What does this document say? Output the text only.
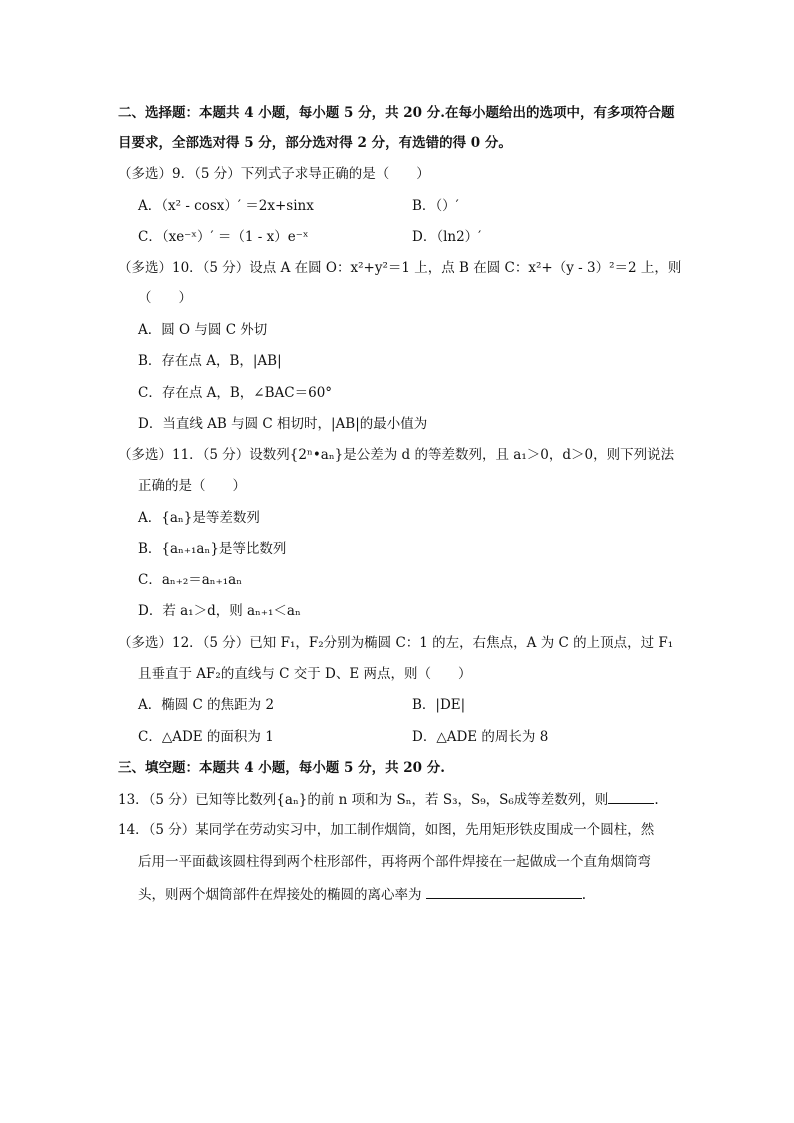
二、选择题：本题共 4 小题，每小题 5 分，共 20 分.在每小题给出的选项中，有多项符合题
目要求，全部选对得 5 分，部分选对得 2 分，有选错的得 0 分。
（多选）9．（5 分）下列式子求导正确的是（　　）
A．（x² - cosx）′ ＝2x+sinx	B．（）′
C．（xe⁻ˣ）′ ＝（1 - x）e⁻ˣ	D．（ln2）′
（多选）10．（5 分）设点 A 在圆 O：x²+y²＝1 上，点 B 在圆 C：x²+（y - 3）²＝2 上，则
（　　）
A．圆 O 与圆 C 外切
B．存在点 A，B，|AB|
C．存在点 A，B，∠BAC＝60°
D．当直线 AB 与圆 C 相切时，|AB|的最小值为
（多选）11．（5 分）设数列{2ⁿ•aₙ}是公差为 d 的等差数列，且 a₁＞0，d＞0，则下列说法
正确的是（　　）
A．{aₙ}是等差数列
B．{aₙ₊₁aₙ}是等比数列
C．aₙ₊₂＝aₙ₊₁aₙ
D．若 a₁＞d，则 aₙ₊₁＜aₙ
（多选）12．（5 分）已知 F₁，F₂分别为椭圆 C：1 的左，右焦点，A 为 C 的上顶点，过 F₁
且垂直于 AF₂的直线与 C 交于 D、E 两点，则（　　）
A．椭圆 C 的焦距为 2	B．|DE|
C．△ADE 的面积为 1	D．△ADE 的周长为 8
三、填空题：本题共 4 小题，每小题 5 分，共 20 分.
13．（5 分）已知等比数列{aₙ}的前 n 项和为 Sₙ，若 S₃，S₉，S₆成等差数列，则	.
14．（5 分）某同学在劳动实习中，加工制作烟筒，如图，先用矩形铁皮围成一个圆柱，然
后用一平面截该圆柱得到两个柱形部件，再将两个部件焊接在一起做成一个直角烟筒弯
头，则两个烟筒部件在焊接处的椭圆的离心率为	.
